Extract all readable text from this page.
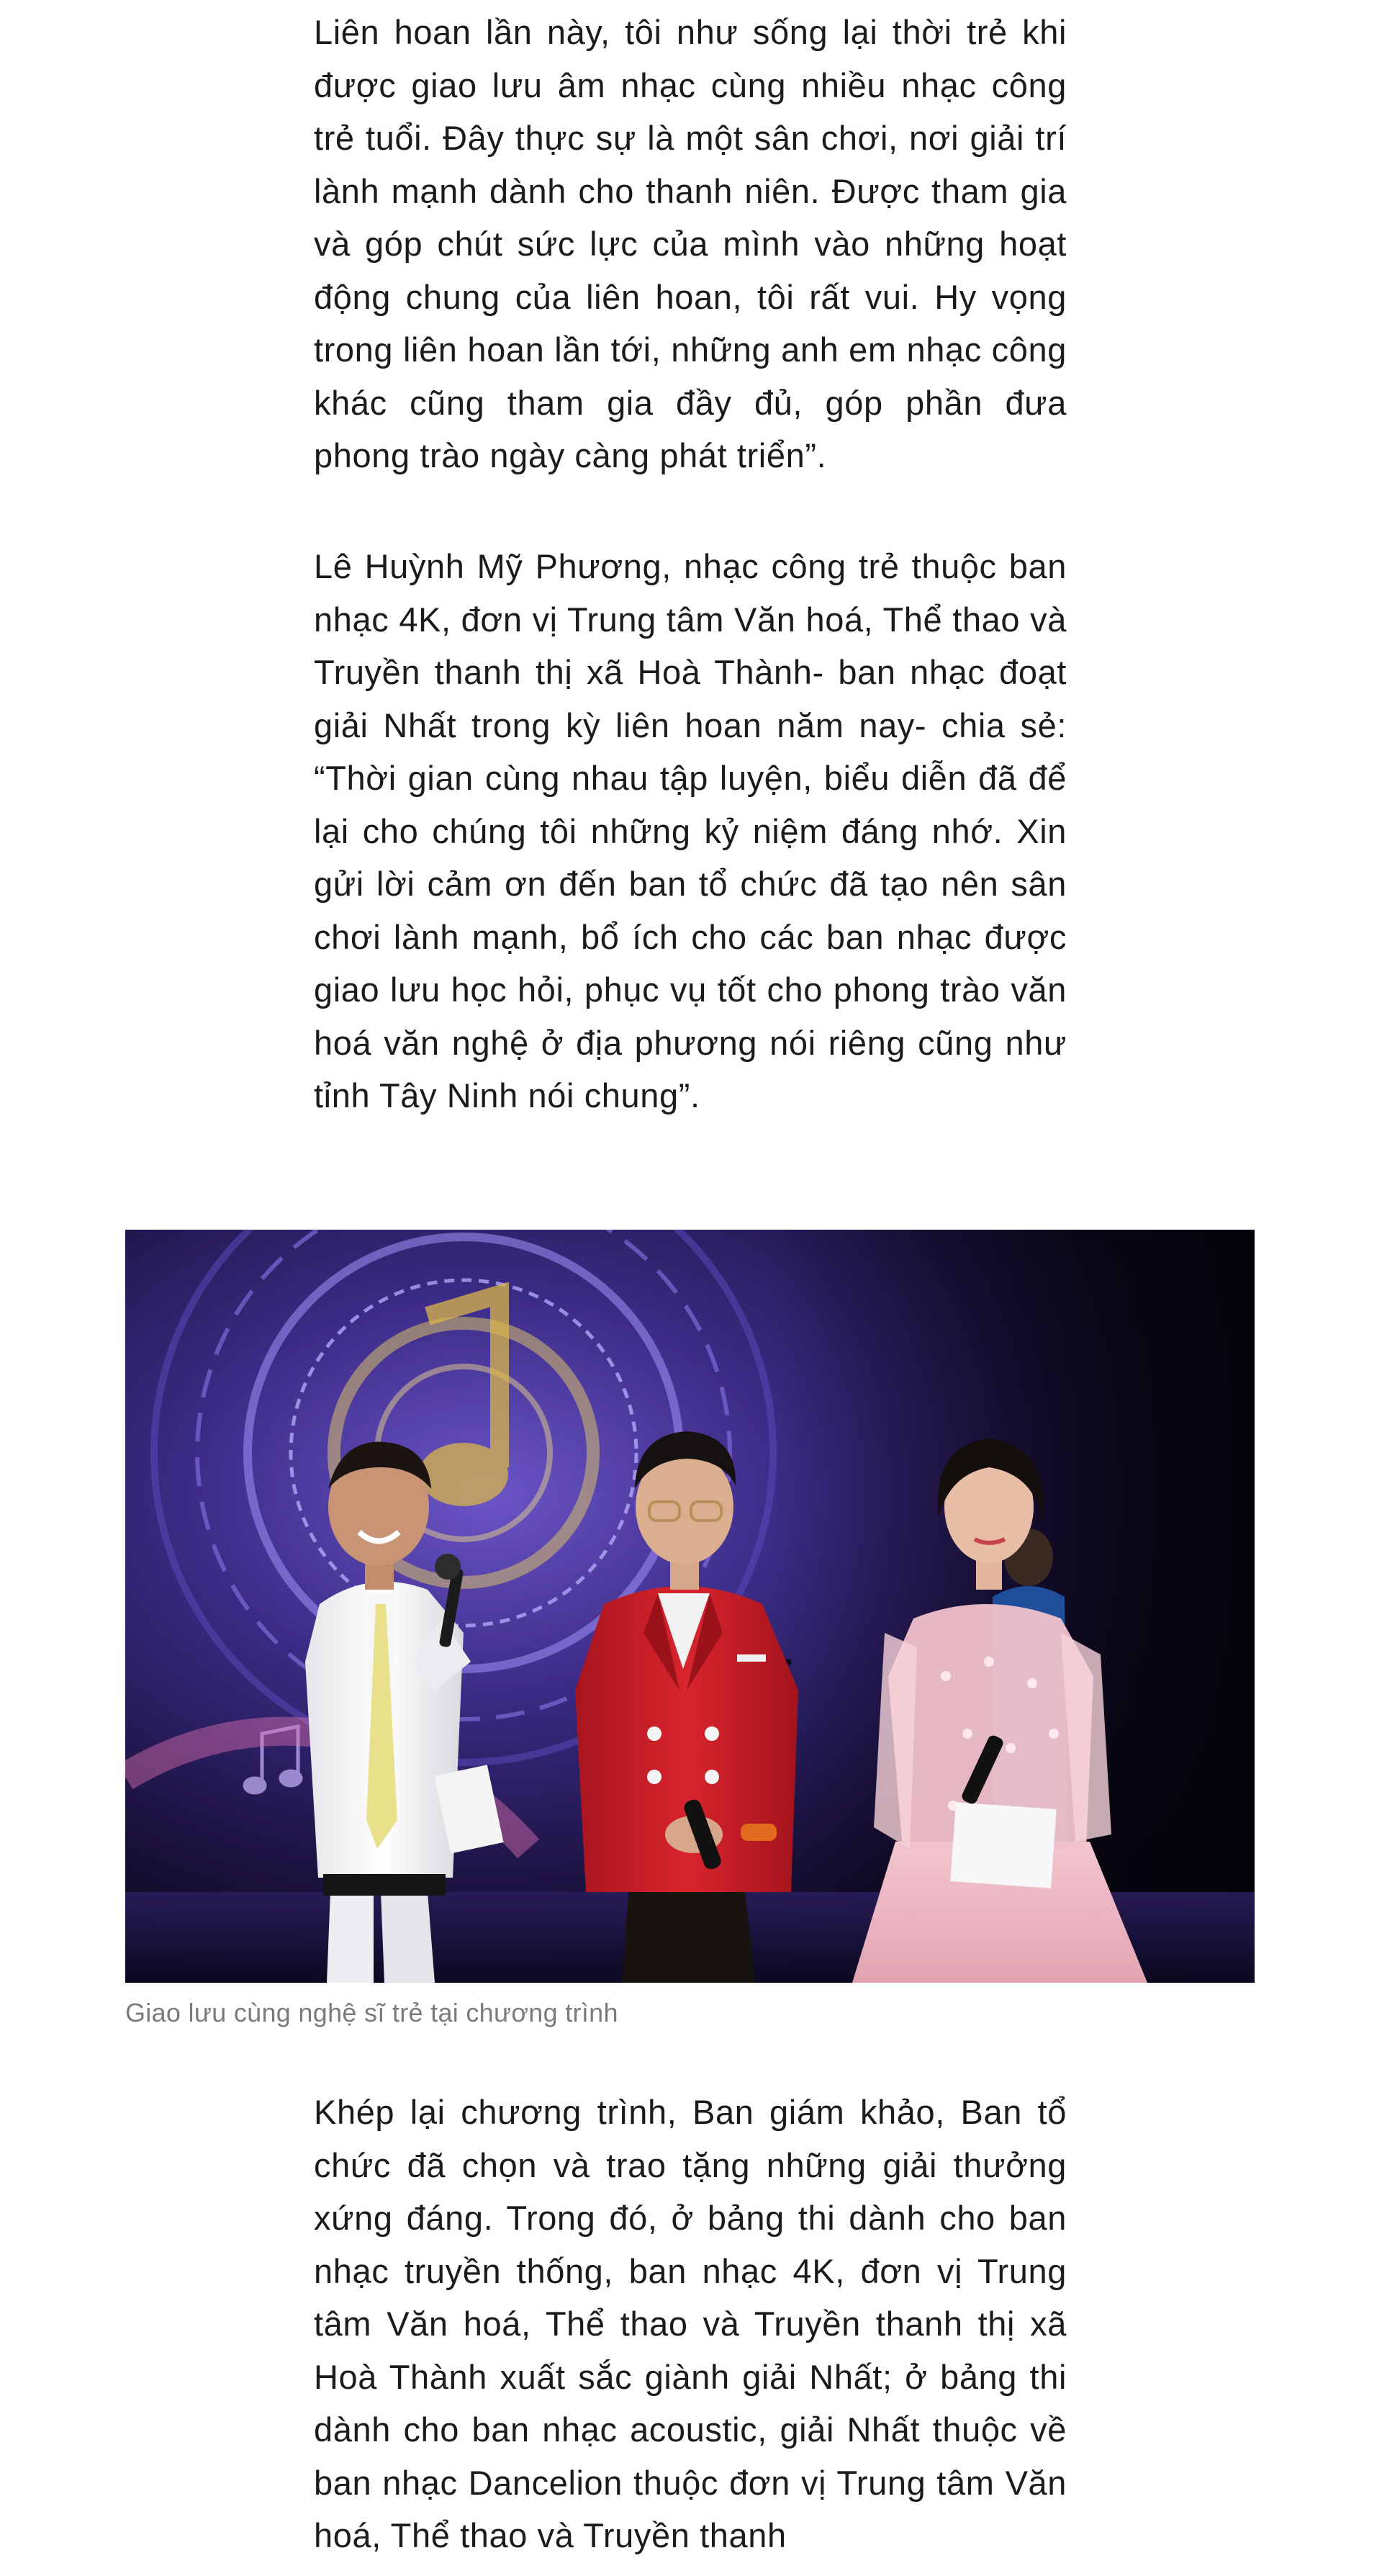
Liên hoan lần này, tôi như sống lại thời trẻ khi được giao lưu âm nhạc cùng nhiều nhạc công trẻ tuổi. Đây thực sự là một sân chơi, nơi giải trí lành mạnh dành cho thanh niên. Được tham gia và góp chút sức lực của mình vào những hoạt động chung của liên hoan, tôi rất vui. Hy vọng trong liên hoan lần tới, những anh em nhạc công khác cũng tham gia đầy đủ, góp phần đưa phong trào ngày càng phát triển”.

Lê Huỳnh Mỹ Phương, nhạc công trẻ thuộc ban nhạc 4K, đơn vị Trung tâm Văn hoá, Thể thao và Truyền thanh thị xã Hoà Thành- ban nhạc đoạt giải Nhất trong kỳ liên hoan năm nay- chia sẻ: “Thời gian cùng nhau tập luyện, biểu diễn đã để lại cho chúng tôi những kỷ niệm đáng nhớ. Xin gửi lời cảm ơn đến ban tổ chức đã tạo nên sân chơi lành mạnh, bổ ích cho các ban nhạc được giao lưu học hỏi, phục vụ tốt cho phong trào văn hoá văn nghệ ở địa phương nói riêng cũng như tỉnh Tây Ninh nói chung”.

Giao lưu cùng nghệ sĩ trẻ tại chương trình

Khép lại chương trình, Ban giám khảo, Ban tổ chức đã chọn và trao tặng những giải thưởng xứng đáng. Trong đó, ở bảng thi dành cho ban nhạc truyền thống, ban nhạc 4K, đơn vị Trung tâm Văn hoá, Thể thao và Truyền thanh thị xã Hoà Thành xuất sắc giành giải Nhất; ở bảng thi dành cho ban nhạc acoustic, giải Nhất thuộc về ban nhạc Dancelion thuộc đơn vị Trung tâm Văn hoá, Thể thao và Truyền thanh
